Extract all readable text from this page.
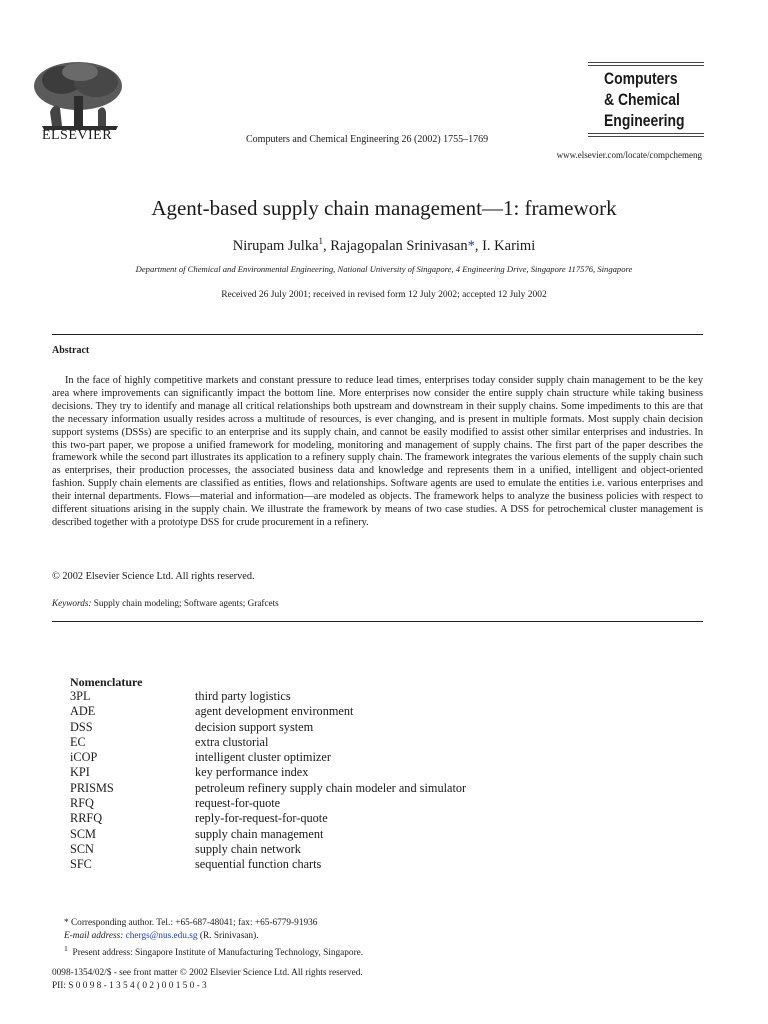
ELSEVIER	Computers and Chemical Engineering 26 (2002) 1755–1769
Computers
& Chemical
Engineering
www.elsevier.com/locate/compchemeng
Agent-based supply chain management—1: framework
Nirupam Julka$^1$, Rajagopalan Srinivasan*, I. Karimi
Department of Chemical and Environmental Engineering, National University of Singapore, 4 Engineering Drive, Singapore 117576, Singapore
Received 26 July 2001; received in revised form 12 July 2002; accepted 12 July 2002
Abstract
In the face of highly competitive markets and constant pressure to reduce lead times, enterprises today consider supply chain management to be the key area where improvements can significantly impact the bottom line. More enterprises now consider the entire supply chain structure while taking business decisions. They try to identify and manage all critical relationships both upstream and downstream in their supply chains. Some impediments to this are that the necessary information usually resides across a multitude of resources, is ever changing, and is present in multiple formats. Most supply chain decision support systems (DSSs) are specific to an enterprise and its supply chain, and cannot be easily modified to assist other similar enterprises and industries. In this two-part paper, we propose a unified framework for modeling, monitoring and management of supply chains. The first part of the paper describes the framework while the second part illustrates its application to a refinery supply chain. The framework integrates the various elements of the supply chain such as enterprises, their production processes, the associated business data and knowledge and represents them in a unified, intelligent and object-oriented fashion. Supply chain elements are classified as entities, flows and relationships. Software agents are used to emulate the entities i.e. various enterprises and their internal departments. Flows—material and information—are modeled as objects. The framework helps to analyze the business policies with respect to different situations arising in the supply chain. We illustrate the framework by means of two case studies. A DSS for petrochemical cluster management is described together with a prototype DSS for crude procurement in a refinery.
© 2002 Elsevier Science Ltd. All rights reserved.
Keywords: Supply chain modeling; Software agents; Grafcets
Nomenclature
3PL	third party logistics
ADE	agent development environment
DSS	decision support system
EC	extra clustorial
iCOP	intelligent cluster optimizer
KPI	key performance index
PRISMS	petroleum refinery supply chain modeler and simulator
RFQ	request-for-quote
RRFQ	reply-for-request-for-quote
SCM	supply chain management
SCN	supply chain network
SFC	sequential function charts
* Corresponding author. Tel.: +65-687-48041; fax: +65-6779-91936
E-mail address: chergs@nus.edu.sg (R. Srinivasan).
$^1$ Present address: Singapore Institute of Manufacturing Technology, Singapore.
0098-1354/02/$ - see front matter © 2002 Elsevier Science Ltd. All rights reserved.
PII: S 0 0 9 8 - 1 3 5 4 ( 0 2 ) 0 0 1 5 0 - 3
